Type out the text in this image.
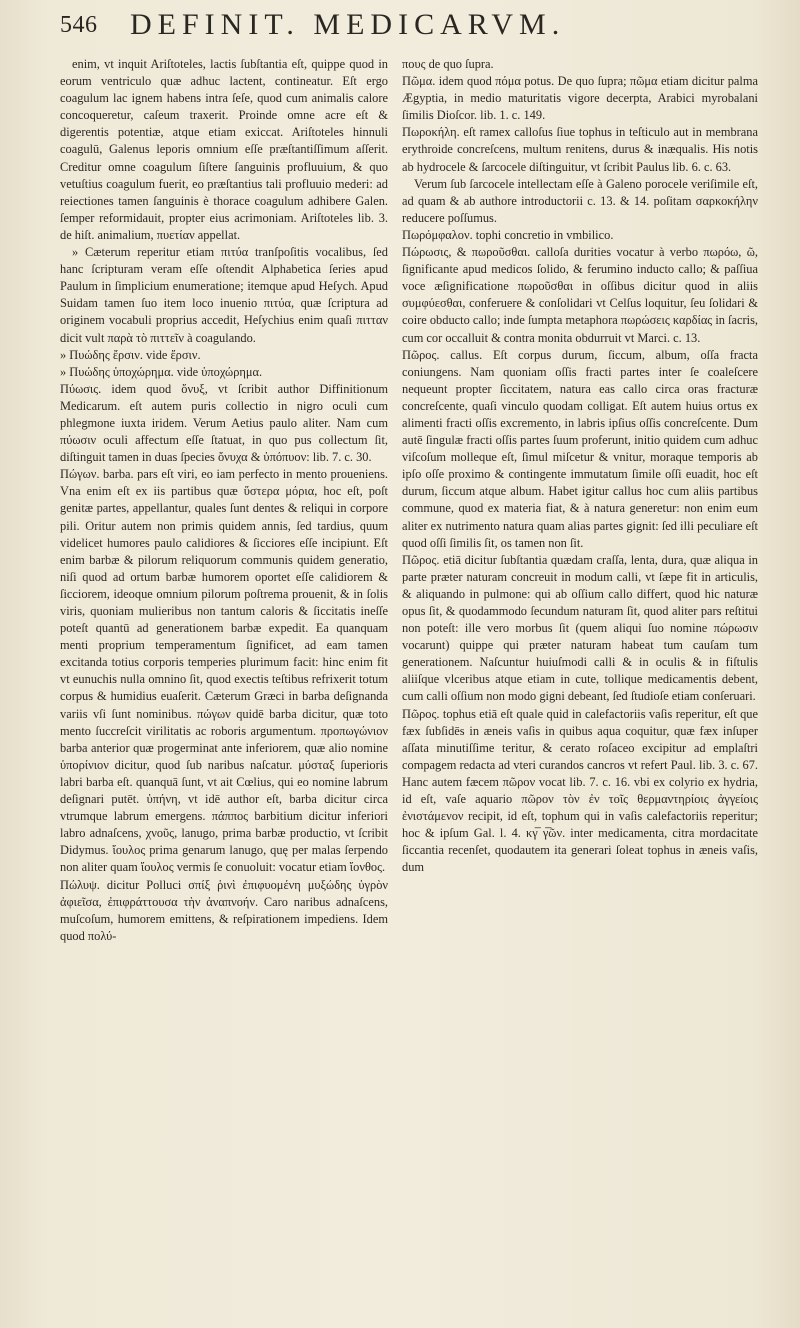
546 DEFINIT. MEDICARVM.

enim, vt inquit Ariſtoteles, lactis ſubſtantia eſt, quippe quod in eorum ventriculo quæ adhuc lactent, contineatur. Eſt ergo coagulum lac ignem habens intra ſeſe, quod cum animalis calore concoqueretur, caſeum traxerit. Proinde omne acre eſt & digerentis potentiæ, atque etiam exiccat. Ariſtoteles hinnuli coagulū, Galenus leporis omnium eſſe præſtantiſſimum aſſerit. Creditur omne coagulum ſiſtere ſanguinis profluuium, & quo vetuſtius coagulum fuerit, eo præſtantius tali profluuio mederi: ad reiectiones tamen ſanguinis è thorace coagulum adhibere Galen. ſemper reformidauit, propter eius acrimoniam. Ariſtoteles lib. 3. de hiſt. animalium, πυετίαν appellat.

» Cæterum reperitur etiam πιτύα tranſpoſitis vocalibus, ſed hanc ſcripturam veram eſſe oſtendit Alphabetica ſeries apud Paulum in ſimplicium enumeratione; itemque apud Heſych. Apud Suidam tamen ſuo item loco inuenio πιτύα, quæ ſcriptura ad originem vocabuli proprius accedit, Heſychius enim quaſi πιτταν dicit vult παρὰ τὸ πιττεῖν à coagulando.

» Πυώδης ἔρσιν. vide ἔρσιν.

» Πυώδης ὑποχώρημα. vide ὑποχώρημα.

Πύωσις. idem quod ὄνυξ, vt ſcribit author Diffinitionum Medicarum. eſt autem puris collectio in nigro oculi cum phlegmone iuxta iridem. Verum Aetius paulo aliter. Nam cum πύωσιν oculi affectum eſſe ſtatuat, in quo pus collectum ſit, diſtinguit tamen in duas ſpecies ὄνυχα & ὑπόπυον: lib. 7. c. 30.

Πώγων. barba. pars eſt viri, eo iam perfecto in mento proueniens. Vna enim eſt ex iis partibus quæ ὕστερα μόρια, hoc eſt, poſt genitæ partes, appellantur, quales ſunt dentes & reliqui in corpore pili. Oritur autem non primis quidem annis, ſed tardius, quum videlicet humores paulo calidiores & ſicciores eſſe incipiunt. Eſt enim barbæ & pilorum reliquorum communis quidem generatio, niſi quod ad ortum barbæ humorem oportet eſſe calidiorem & ſicciorem, ideoque omnium pilorum poſtrema prouenit, & in ſolis viris, quoniam mulieribus non tantum caloris & ſiccitatis ineſſe poteſt quantū ad generationem barbæ expedit. Ea quanquam menti proprium temperamentum ſignificet, ad eam tamen excitanda totius corporis temperies plurimum facit: hinc enim fit vt eunuchis nulla omnino ſit, quod exectis teſtibus refrixerit totum corpus & humidius euaſerit. Cæterum Græci in barba deſignanda variis vſi ſunt nominibus. πώγων quidē barba dicitur, quæ toto mento ſuccreſcit virilitatis ac roboris argumentum. προπωγώνιον barba anterior quæ progerminat ante inferiorem, quæ alio nomine ὑπορίνιον dicitur, quod ſub naribus naſcatur. μύσταξ ſuperioris labri barba eſt. quanquā ſunt, vt ait Cœlius, qui eo nomine labrum deſignari putēt. ὑπήνη, vt idē author eſt, barba dicitur circa vtrumque labrum emergens. πάππος barbitium dicitur inferiori labro adnaſcens, χνοῦς, lanugo, prima barbæ productio, vt ſcribit Didymus. ἴουλος prima genarum lanugo, quę per malas ſerpendo non aliter quam ἴουλος vermis ſe conuoluit: vocatur etiam ἴονθος.

Πώλυψ. dicitur Polluci σπίξ ῥινὶ ἐπιφυομένη μυξώδης ὑγρὸν ἀφιεῖσα, ἐπιφράττουσα τὴν ἀναπνοήν. Caro naribus adnaſcens, muſcoſum, humorem emittens, & reſpirationem impediens. Idem quod πολύ-

πους de quo ſupra.

Πῶμα. idem quod πόμα potus. De quo ſupra; πῶμα etiam dicitur palma Ægyptia, in medio maturitatis vigore decerpta, Arabici myrobalani ſimilis Dioſcor. lib. 1. c. 149.

Πωροκήλη. eſt ramex calloſus ſiue tophus in teſticulo aut in membrana erythroide concreſcens, multum renitens, durus & inæqualis. His notis ab hydrocele & ſarcocele diſtinguitur, vt ſcribit Paulus lib. 6. c. 63.

Verum ſub ſarcocele intellectam eſſe à Galeno porocele veriſimile eſt, ad quam & ab authore introductorii c. 13. & 14. poſitam σαρκοκήλην reducere poſſumus.

Πωρόμφαλον. tophi concretio in vmbilico.

Πώρωσις, & πωροῦσθαι. calloſa durities vocatur à verbo πωρόω, ῶ, ſignificante apud medicos ſolido, & ferumino inducto callo; & paſſiua voce æſignificatione πωροῦσθαι in oſſibus dicitur quod in aliis συμφύεσθαι, conferuere & conſolidari vt Celſus loquitur, ſeu ſolidari & coire obducto callo; inde ſumpta metaphora πωρώσεις καρδίας in ſacris, cum cor occalluit & contra monita obdurruit vt Marci. c. 13.

Πῶρος. callus. Eſt corpus durum, ſiccum, album, oſſa fracta coniungens. Nam quoniam oſſis fracti partes inter ſe coaleſcere nequeunt propter ſiccitatem, natura eas callo circa oras fracturæ concreſcente, quaſi vinculo quodam colligat. Eſt autem huius ortus ex alimenti fracti oſſis excremento, in labris ipſius oſſis concreſcente. Dum autē ſingulæ fracti oſſis partes ſuum proferunt, initio quidem cum adhuc viſcoſum molleque eſt, ſimul miſcetur & vnitur, moraque temporis ab ipſo oſſe proximo & contingente immutatum ſimile oſſi euadit, hoc eſt durum, ſiccum atque album. Habet igitur callus hoc cum aliis partibus commune, quod ex materia fiat, & à natura generetur: non enim eum aliter ex nutrimento natura quam alias partes gignit: ſed illi peculiare eſt quod oſſi ſimilis ſit, os tamen non ſit.

Πῶρος. etiā dicitur ſubſtantia quædam craſſa, lenta, dura, quæ aliqua in parte præter naturam concreuit in modum calli, vt ſæpe fit in articulis, & aliquando in pulmone: qui ab oſſium callo differt, quod hic naturæ opus ſit, & quodammodo ſecundum naturam ſit, quod aliter pars reſtitui non poteſt: ille vero morbus ſit (quem aliqui ſuo nomine πώρωσιν vocarunt) quippe qui præter naturam habeat tum cauſam tum generationem. Naſcuntur huiuſmodi calli & in oculis & in fiſtulis aliiſque vlceribus atque etiam in cute, tollique medicamentis debent, cum calli oſſium non modo gigni debeant, ſed ſtudioſe etiam conſeruari.

Πῶρος. tophus etiā eſt quale quid in calefactoriis vaſis reperitur, eſt que fæx ſubſidēs in æneis vaſis in quibus aqua coquitur, quæ fæx inſuper aſſata minutiſſime teritur, & cerato roſaceo excipitur ad emplaſtri compagem redacta ad vteri curandos cancros vt refert Paul. lib. 3. c. 67. Hanc autem fæcem πῶρον vocat lib. 7. c. 16. vbi ex colyrio ex hydria, id eſt, vaſe aquario πῶρον τὸν ἐν τοῖς θερμαντηρίοις ἀγγείοις ἐνιστάμενον recipit, id eſt, tophum qui in vaſis calefactoriis reperitur; hoc & ipſum Gal. l. 4. κγ̅ γ̅ῶν. inter medicamenta, citra mordacitate ſiccantia recenſet, quodautem ita generari ſoleat tophus in æneis vaſis, dum
